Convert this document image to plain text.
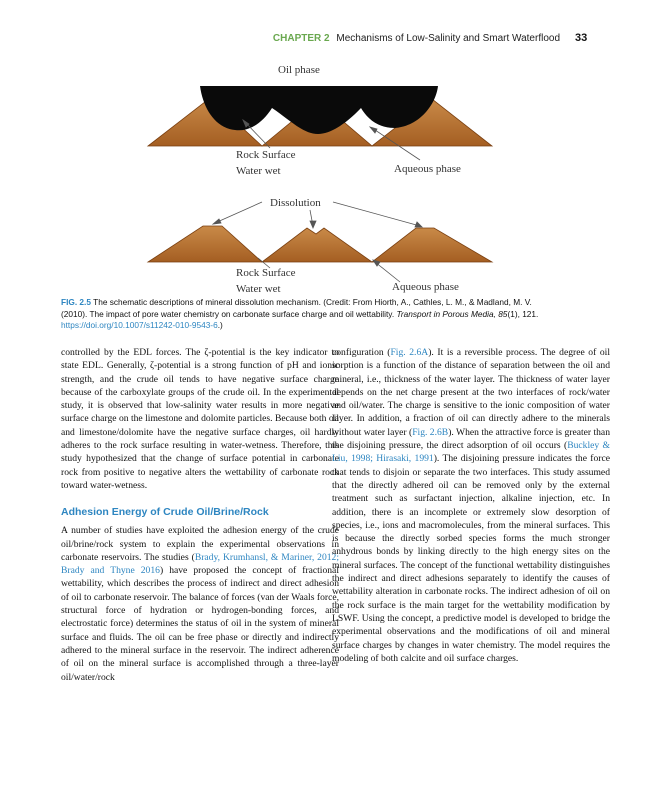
CHAPTER 2 Mechanisms of Low-Salinity and Smart Waterflood 33
Oil phase
Rock Surface
Water wet	Aqueous phase
Dissolution
Rock Surface
Water wet	Aqueous phase
FIG. 2.5 The schematic descriptions of mineral dissolution mechanism. (Credit: From Hiorth, A., Cathles, L. M., & Madland, M. V. (2010). The impact of pore water chemistry on carbonate surface charge and oil wettability. Transport in Porous Media, 85(1), 121. https://doi.org/10.1007/s11242-010-9543-6.)

controlled by the EDL forces. The ζ-potential is the key indicator to state EDL. Generally, ζ-potential is a strong function of pH and ionic strength, and the crude oil tends to have negative surface charge because of the carboxylate groups of the crude oil. In the experimental study, it is observed that low-salinity water results in more negative surface charge on the limestone and dolomite particles. Because both oil and limestone/dolomite have the negative surface charges, oil hardly adheres to the rock surface resulting in water-wetness. Therefore, this study hypothesized that the change of surface potential in carbonate rock from positive to negative alters the wettability of carbonate rock toward water-wetness.

Adhesion Energy of Crude Oil/Brine/Rock

A number of studies have exploited the adhesion energy of the crude oil/brine/rock system to explain the experimental observations in carbonate reservoirs. The studies (Brady, Krumhansl, & Mariner, 2012; Brady and Thyne 2016) have proposed the concept of fractional wettability, which describes the process of indirect and direct adhesion of oil to carbonate reservoir. The balance of forces (van der Waals force, structural force of hydration or hydrogen-bonding forces, and electrostatic force) determines the status of oil in the system of mineral surface and fluids. The oil can be free phase or directly and indirectly adhered to the mineral surface in the reservoir. The indirect adherence of oil on the mineral surface is accomplished through a three-layer oil/water/rock

configuration (Fig. 2.6A). It is a reversible process. The degree of oil sorption is a function of the distance of separation between the oil and mineral, i.e., thickness of the water layer. The thickness of water layer depends on the net charge present at the two interfaces of rock/water and oil/water. The charge is sensitive to the ionic composition of water layer. In addition, a fraction of oil can directly adhere to the minerals without water layer (Fig. 2.6B). When the attractive force is greater than the disjoining pressure, the direct adsorption of oil occurs (Buckley & Liu, 1998; Hirasaki, 1991). The disjoining pressure indicates the force that tends to disjoin or separate the two interfaces. This study assumed that the directly adhered oil can be removed only by the external treatment such as surfactant injection, alkaline injection, etc. In addition, there is an incomplete or extremely slow desorption of species, i.e., ions and macromolecules, from the mineral surfaces. This is because the directly sorbed species forms the much stronger anhydrous bonds by linking directly to the high energy sites on the mineral surfaces. The concept of the functional wettability distinguishes the indirect and direct adhesions separately to identify the causes of wettability alteration in carbonate rocks. The indirect adhesion of oil on the rock surface is the main target for the wettability modification by LSWF. Using the concept, a predictive model is developed to bridge the experimental observations and the modifications of oil and mineral surface charges by changes in water chemistry. The model requires the modeling of both calcite and oil surface charges.
